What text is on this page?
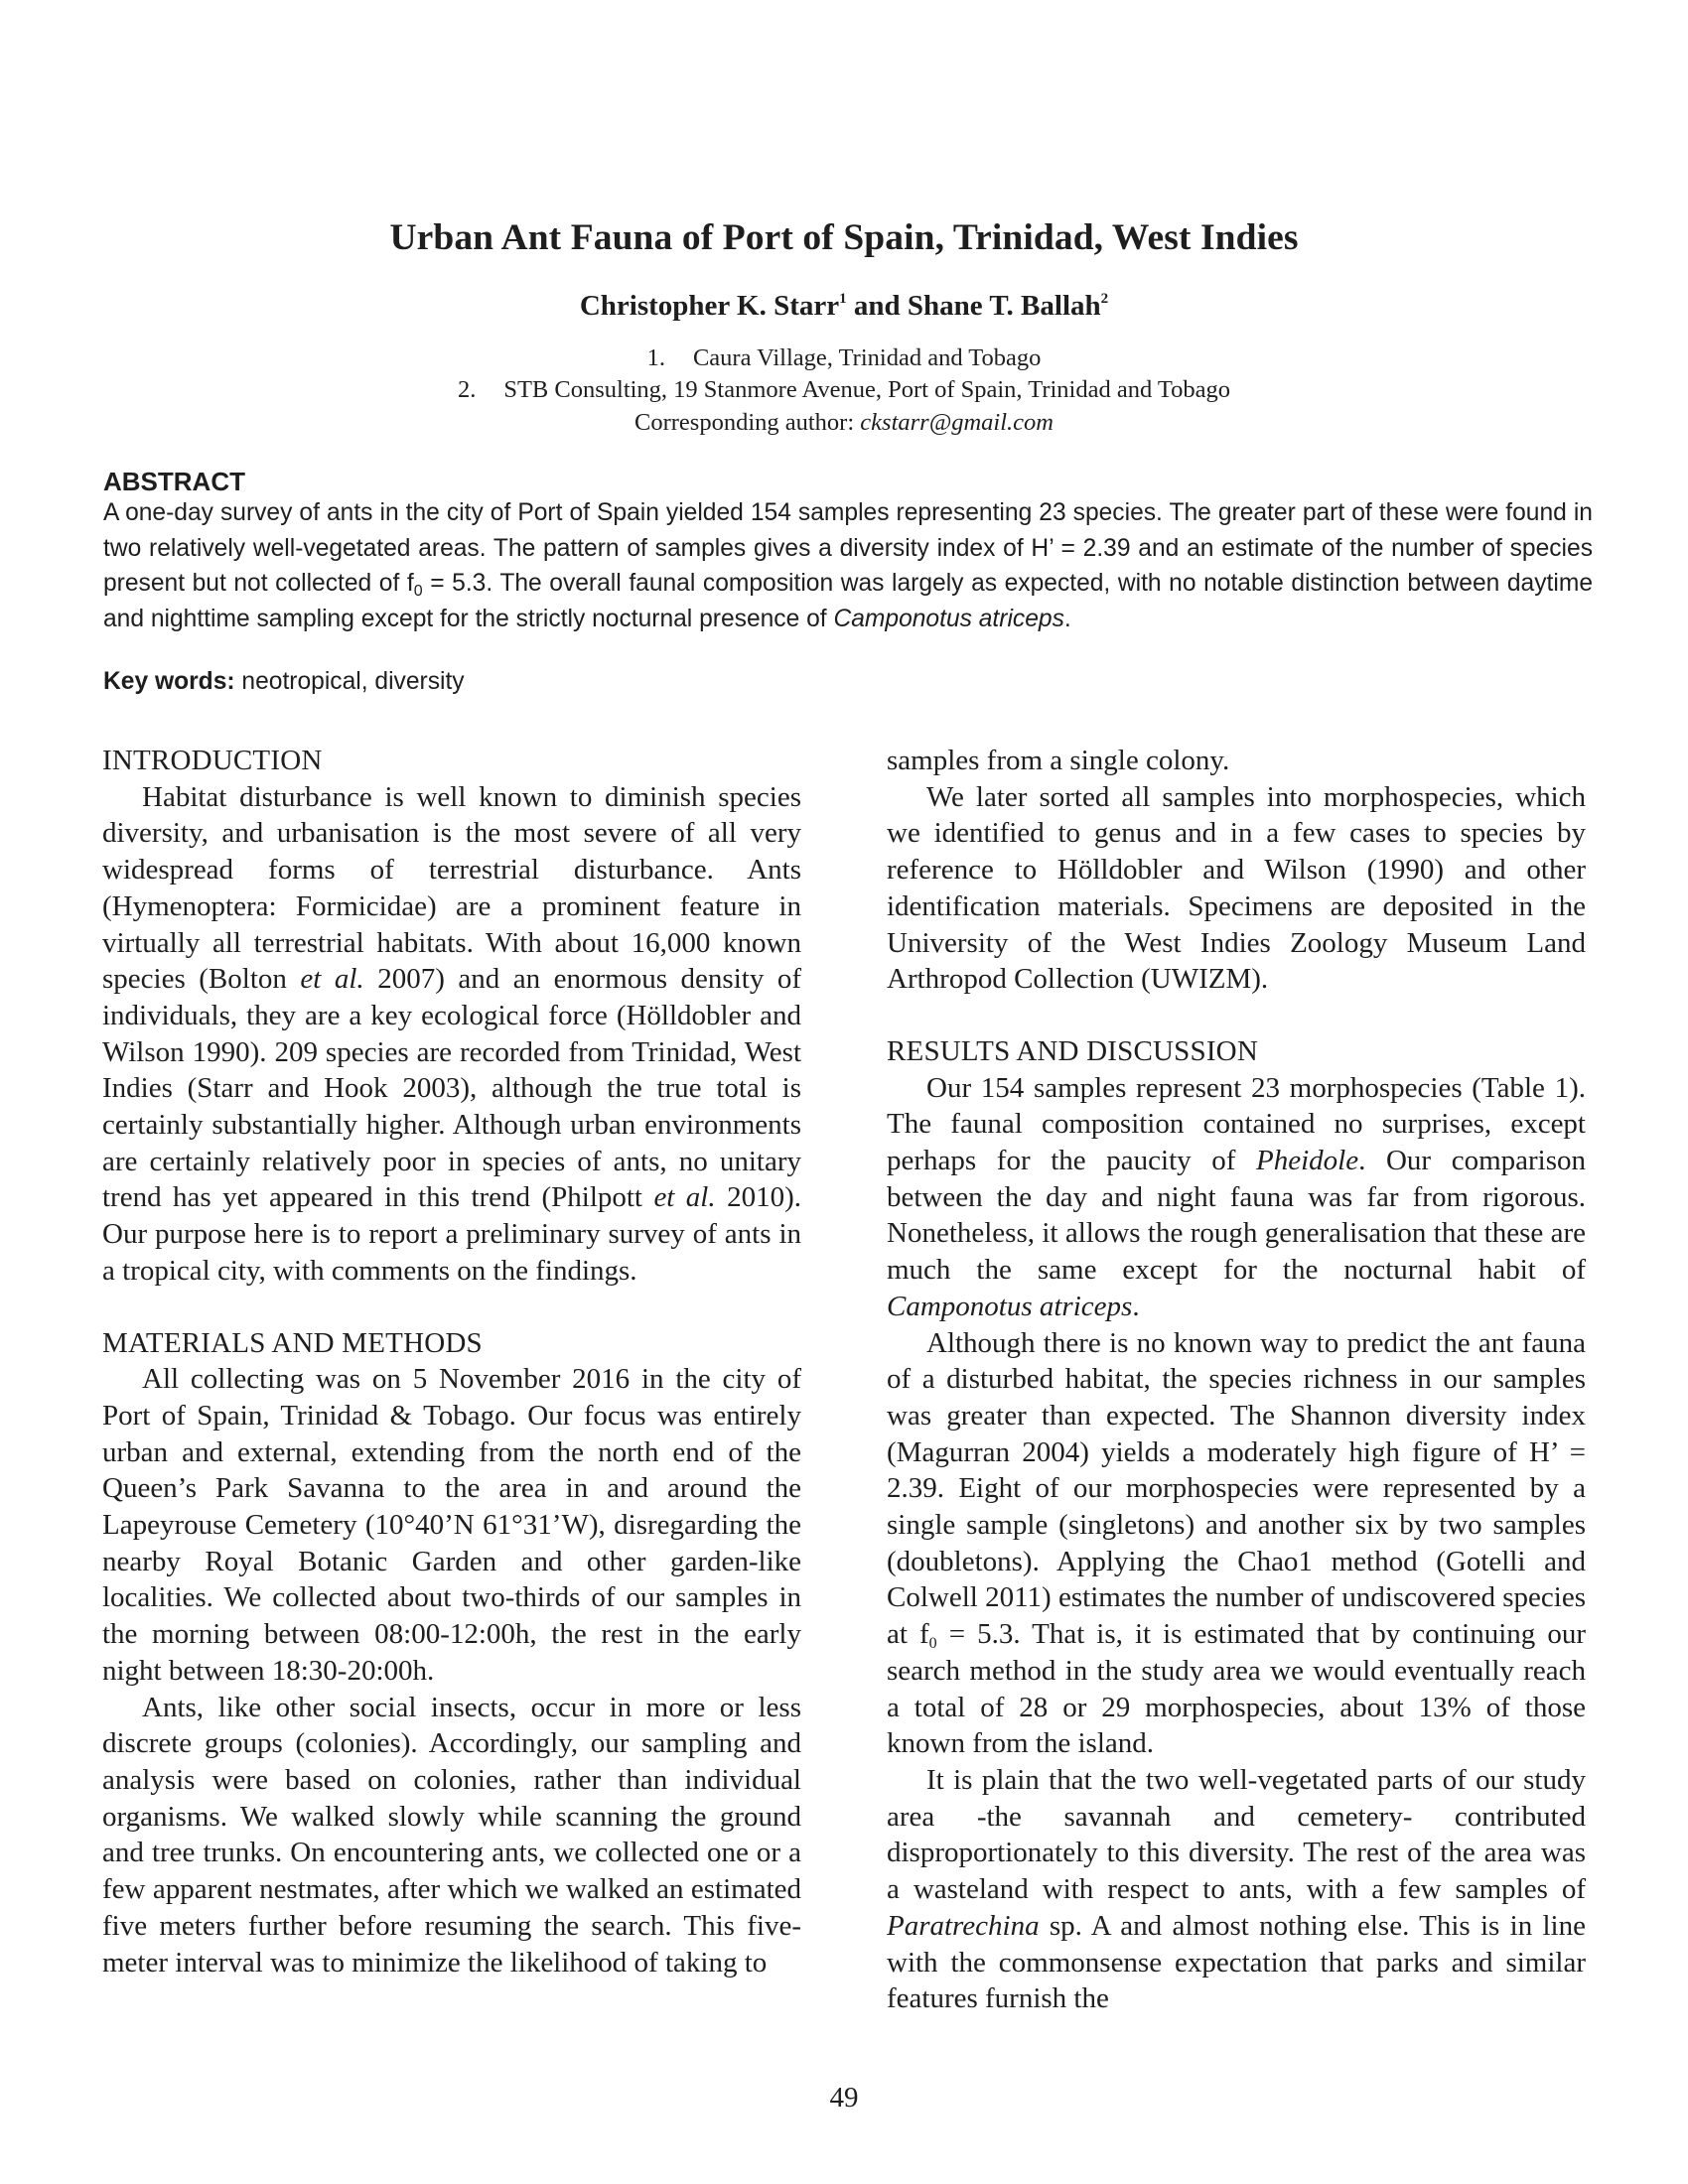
Urban Ant Fauna of Port of Spain, Trinidad, West Indies
Christopher K. Starr$^1$ and Shane T. Ballah$^2$
1. Caura Village, Trinidad and Tobago
2. STB Consulting, 19 Stanmore Avenue, Port of Spain, Trinidad and Tobago
Corresponding author: ckstarr@gmail.com
ABSTRACT
A one-day survey of ants in the city of Port of Spain yielded 154 samples representing 23 species. The greater part of these were found in two relatively well-vegetated areas. The pattern of samples gives a diversity index of H’ = 2.39 and an estimate of the number of species present but not collected of $f_0 = 5.3$. The overall faunal composition was largely as expected, with no notable distinction between daytime and nighttime sampling except for the strictly nocturnal presence of Camponotus atriceps.
Key words: neotropical, diversity
INTRODUCTION

Habitat disturbance is well known to diminish species diversity, and urbanisation is the most severe of all very widespread forms of terrestrial disturbance. Ants (Hymenoptera: Formicidae) are a prominent feature in virtually all terrestrial habitats. With about 16,000 known species (Bolton et al. 2007) and an enormous density of individuals, they are a key ecological force (Hölldobler and Wilson 1990). 209 species are recorded from Trinidad, West Indies (Starr and Hook 2003), although the true total is certainly substantially higher. Although urban environments are certainly relatively poor in species of ants, no unitary trend has yet appeared in this trend (Philpott et al. 2010). Our purpose here is to report a preliminary survey of ants in a tropical city, with comments on the findings.

MATERIALS AND METHODS

All collecting was on 5 November 2016 in the city of Port of Spain, Trinidad & Tobago. Our focus was entirely urban and external, extending from the north end of the Queen’s Park Savanna to the area in and around the Lapeyrouse Cemetery (10°40’N 61°31’W), disregarding the nearby Royal Botanic Garden and other garden-like localities. We collected about two-thirds of our samples in the morning between 08:00-12:00h, the rest in the early night between 18:30-20:00h.

Ants, like other social insects, occur in more or less discrete groups (colonies). Accordingly, our sampling and analysis were based on colonies, rather than individual organisms. We walked slowly while scanning the ground and tree trunks. On encountering ants, we collected one or a few apparent nestmates, after which we walked an estimated five meters further before resuming the search. This five-meter interval was to minimize the likelihood of taking to

samples from a single colony.

We later sorted all samples into morphospecies, which we identified to genus and in a few cases to species by reference to Hölldobler and Wilson (1990) and other identification materials. Specimens are deposited in the University of the West Indies Zoology Museum Land Arthropod Collection (UWIZM).

RESULTS AND DISCUSSION

Our 154 samples represent 23 morphospecies (Table 1). The faunal composition contained no surprises, except perhaps for the paucity of Pheidole. Our comparison between the day and night fauna was far from rigorous. Nonetheless, it allows the rough generalisation that these are much the same except for the nocturnal habit of Camponotus atriceps.

Although there is no known way to predict the ant fauna of a disturbed habitat, the species richness in our samples was greater than expected. The Shannon diversity index (Magurran 2004) yields a moderately high figure of H’ = 2.39. Eight of our morphospecies were represented by a single sample (singletons) and another six by two samples (doubletons). Applying the Chao1 method (Gotelli and Colwell 2011) estimates the number of undiscovered species at $f_0 = 5.3$. That is, it is estimated that by continuing our search method in the study area we would eventually reach a total of 28 or 29 morphospecies, about 13% of those known from the island.

It is plain that the two well-vegetated parts of our study area -the savannah and cemetery- contributed disproportionately to this diversity. The rest of the area was a wasteland with respect to ants, with a few samples of Paratrechina sp. A and almost nothing else. This is in line with the commonsense expectation that parks and similar features furnish the

49
